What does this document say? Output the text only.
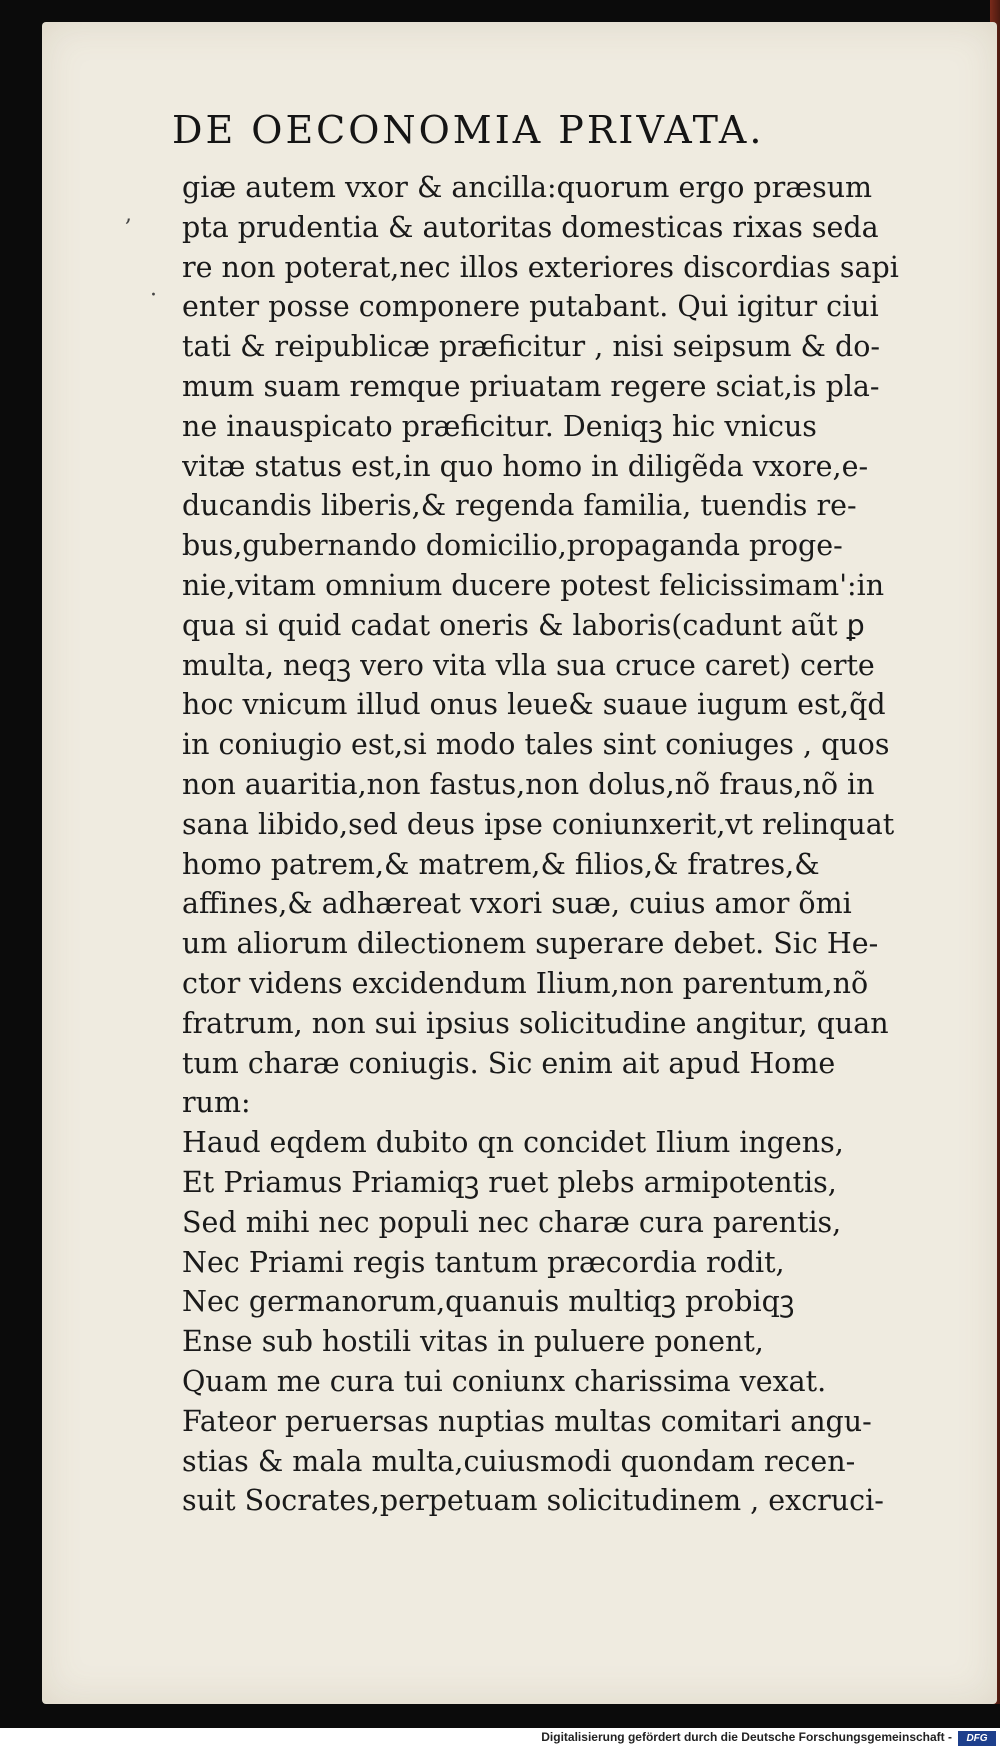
DE OECONOMIA PRIVATA.
giæ autem vxor & ancilla:quorum ergo præsum
pta prudentia & autoritas domesticas rixas seda
re non poterat,nec illos exteriores discordias sapi
enter posse componere putabant. Qui igitur ciui
tati & reipublicæ præficitur , nisi seipsum & do-
mum suam remque priuatam regere sciat,is pla-
ne inauspicato præficitur. Deniqꝫ hic vnicus
vitæ status est,in quo homo in diligẽda vxore,e-
ducandis liberis,& regenda familia, tuendis re-
bus,gubernando domicilio,propaganda proge-
nie,vitam omnium ducere potest felicissimam':in
qua si quid cadat oneris & laboris(cadunt aũt ꝑ
multa, neqꝫ vero vita vlla sua cruce caret) certe
hoc vnicum illud onus leue& suaue iugum est,q̃d
in coniugio est,si modo tales sint coniuges , quos
non auaritia,non fastus,non dolus,nõ fraus,nõ in
sana libido,sed deus ipse coniunxerit,vt relinquat
homo patrem,& matrem,& filios,& fratres,&
affines,& adhæreat vxori suæ, cuius amor õmi
um aliorum dilectionem superare debet. Sic He-
ctor videns excidendum Ilium,non parentum,nõ
fratrum, non sui ipsius solicitudine angitur, quan
tum charæ coniugis. Sic enim ait apud Home
rum:
Haud eqdem dubito qn concidet Ilium ingens,
Et Priamus Priamiqꝫ ruet plebs armipotentis,
Sed mihi nec populi nec charæ cura parentis,
Nec Priami regis tantum præcordia rodit,
Nec germanorum,quanuis multiqꝫ probiqꝫ
Ense sub hostili vitas in puluere ponent,
Quam me cura tui coniunx charissima vexat.
Fateor peruersas nuptias multas comitari angu-
stias & mala multa,cuiusmodi quondam recen-
suit Socrates,perpetuam solicitudinem , excruci-
,
·
Digitalisierung gefördert durch die Deutsche Forschungsgemeinschaft -	DFG
